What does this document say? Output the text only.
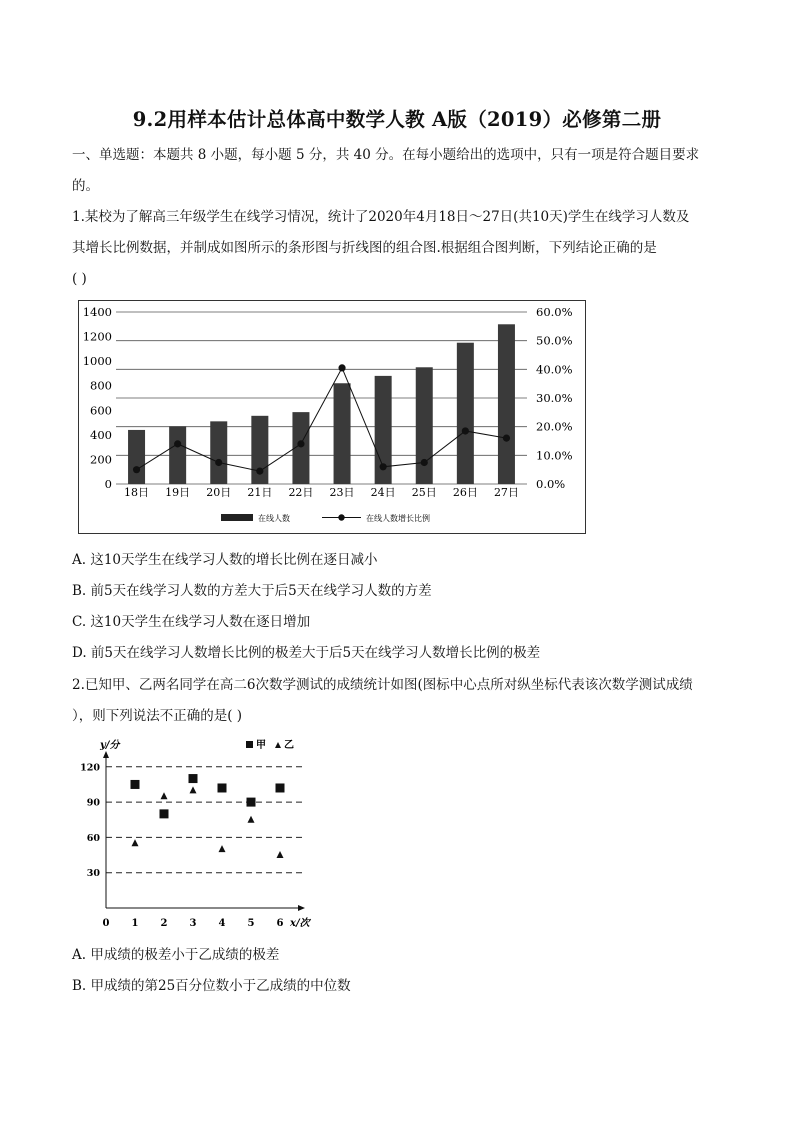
9.2用样本估计总体高中数学人教 A版（2019）必修第二册
一、单选题：本题共 8 小题，每小题 5 分，共 40 分。在每小题给出的选项中，只有一项是符合题目要求
的。
1.某校为了解高三年级学生在线学习情况，统计了2020年4月18日～27日(共10天)学生在线学习人数及
其增长比例数据，并制成如图所示的条形图与折线图的组合图.根据组合图判断，下列结论正确的是
( )
0
200
400
600
800
1000
1200
1400
0.0%
10.0%
20.0%
30.0%
40.0%
50.0%
60.0%
18日 19日 20日 21日 22日 23日 24日 25日 26日 27日
在线人数	在线人数增长比例
A. 这10天学生在线学习人数的增长比例在逐日减小
B. 前5天在线学习人数的方差大于后5天在线学习人数的方差
C. 这10天学生在线学习人数在逐日增加
D. 前5天在线学习人数增长比例的极差大于后5天在线学习人数增长比例的极差
2.已知甲、乙两名同学在高二6次数学测试的成绩统计如图(图标中心点所对纵坐标代表该次数学测试成绩
），则下列说法不正确的是( )
30
60
90
120
0 1 2 3 4 5 6
甲 乙
y/分
x/次
A. 甲成绩的极差小于乙成绩的极差
B. 甲成绩的第25百分位数小于乙成绩的中位数
